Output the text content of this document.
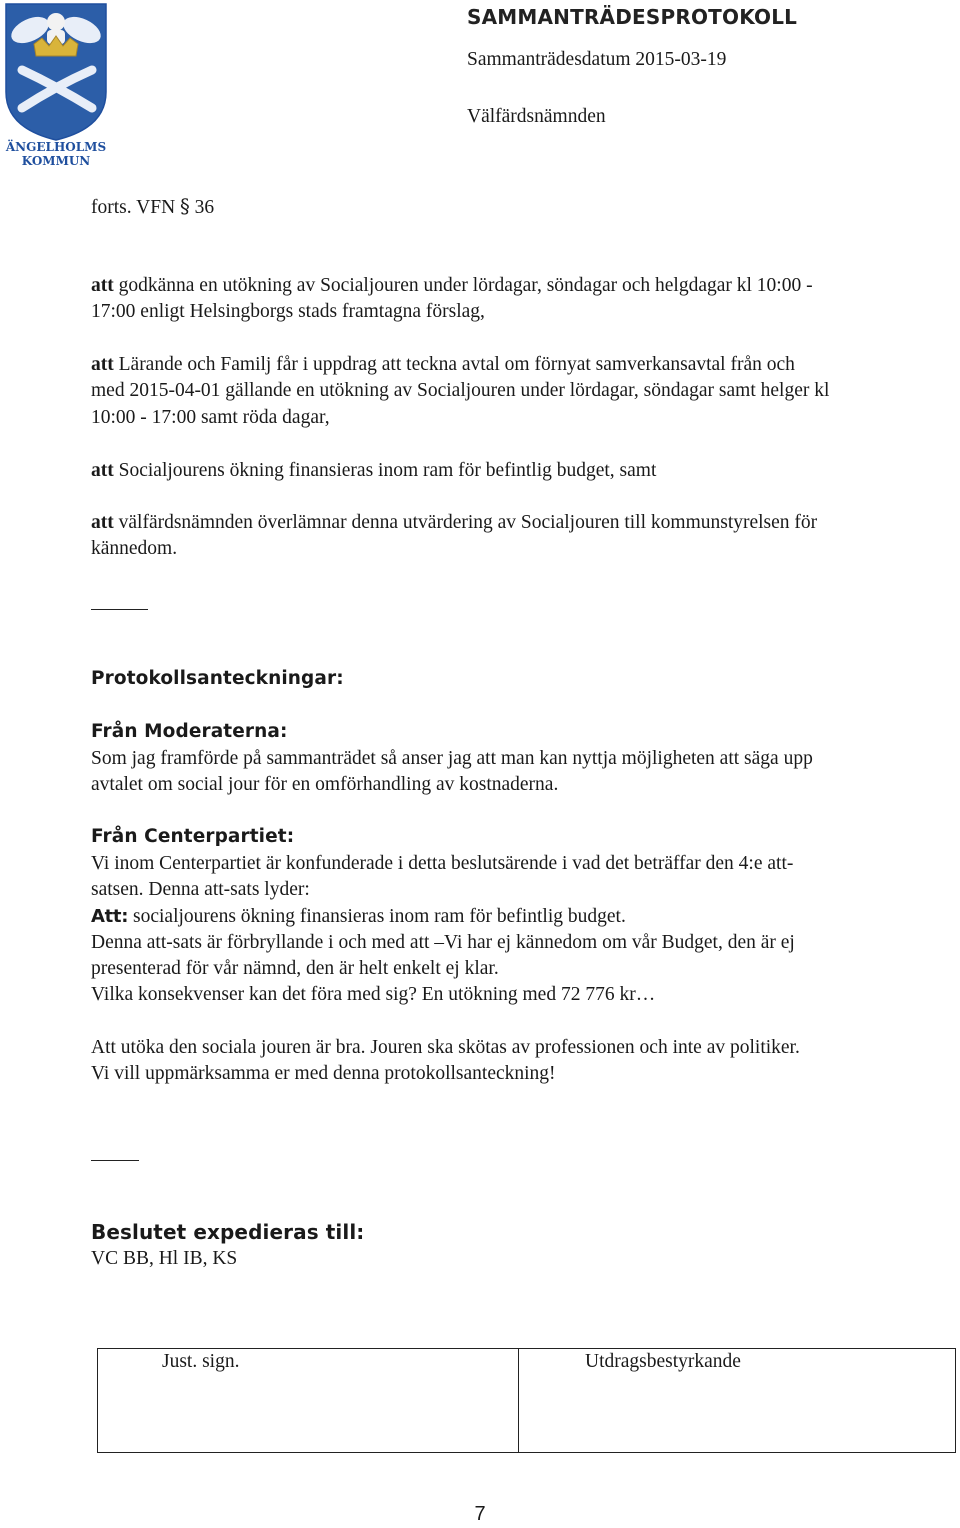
ÄNGELHOLMS
KOMMUN
SAMMANTRÄDESPROTOKOLL
Sammanträdesdatum 2015-03-19
Välfärdsnämnden
forts. VFN § 36
att godkänna en utökning av Socialjouren under lördagar, söndagar och helgdagar kl 10:00 -
17:00 enligt Helsingborgs stads framtagna förslag,
att Lärande och Familj får i uppdrag att teckna avtal om förnyat samverkansavtal från och
med 2015-04-01 gällande en utökning av Socialjouren under lördagar, söndagar samt helger kl
10:00 - 17:00 samt röda dagar,
att Socialjourens ökning finansieras inom ram för befintlig budget, samt
att välfärdsnämnden överlämnar denna utvärdering av Socialjouren till kommunstyrelsen för
kännedom.
Protokollsanteckningar:
Från Moderaterna:
Som jag framförde på sammanträdet så anser jag att man kan nyttja möjligheten att säga upp
avtalet om social jour för en omförhandling av kostnaderna.
Från Centerpartiet:
Vi inom Centerpartiet är konfunderade i detta beslutsärende i vad det beträffar den 4:e att-
satsen. Denna att-sats lyder:
Att: socialjourens ökning finansieras inom ram för befintlig budget.
Denna att-sats är förbryllande i och med att –Vi har ej kännedom om vår Budget, den är ej
presenterad för vår nämnd, den är helt enkelt ej klar.
Vilka konsekvenser kan det föra med sig? En utökning med 72 776 kr…
Att utöka den sociala jouren är bra. Jouren ska skötas av professionen och inte av politiker.
Vi vill uppmärksamma er med denna protokollsanteckning!
Beslutet expedieras till:
VC BB, Hl IB, KS
Just. sign.	Utdragsbestyrkande
7
